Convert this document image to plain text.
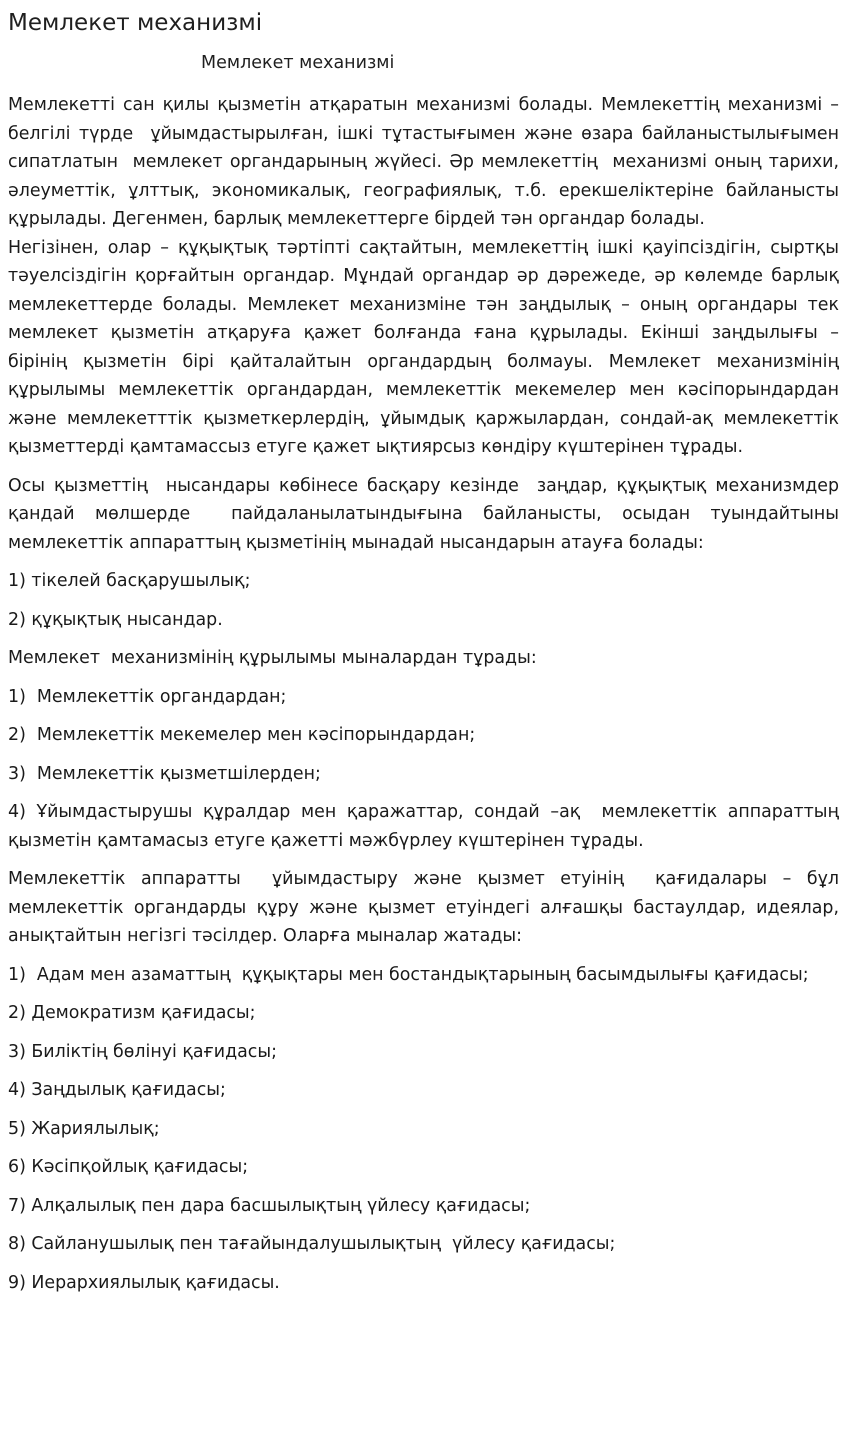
Мемлекет механизмі
Мемлекет механизмі

Мемлекетті сан қилы қызметін атқаратын механизмі болады. Мемлекеттің механизмі – белгілі түрде  ұйымдастырылған, ішкі тұтастығымен және өзара байланыстылығымен сипатлатын  мемлекет органдарының жүйесі. Әр мемлекеттің  механизмі оның тарихи, әлеуметтік, ұлттық, экономикалық, географиялық, т.б. ерекшеліктеріне байланысты құрылады. Дегенмен, барлық мемлекеттерге бірдей тән органдар болады.

Негізінен, олар – құқықтық тәртіпті сақтайтын, мемлекеттің ішкі қауіпсіздігін, сыртқы тәуелсіздігін қорғайтын органдар. Мұндай органдар әр дәрежеде, әр көлемде барлық мемлекеттерде болады. Мемлекет механизміне тән заңдылық – оның органдары тек мемлекет қызметін атқаруға қажет болғанда ғана құрылады. Екінші заңдылығы – бірінің қызметін бірі қайталайтын органдардың болмауы. Мемлекет механизмінің құрылымы мемлекеттік органдардан, мемлекеттік мекемелер мен кәсіпорындардан және мемлекетттік қызметкерлердің, ұйымдық қаржылардан, сондай-ақ мемлекеттік қызметтерді қамтамассыз етуге қажет ықтиярсыз көндіру күштерінен тұрады.

Осы қызметтің  нысандары көбінесе басқару кезінде  заңдар, құқықтық механизмдер қандай мөлшерде  пайдаланылатындығына байланысты, осыдан туындайтыны мемлекеттік аппараттың қызметінің мынадай нысандарын атауға болады:

1) тікелей басқарушылық;

2) құқықтық нысандар.

Мемлекет  механизмінің құрылымы мыналардан тұрады:

1)  Мемлекеттік органдардан;

2)  Мемлекеттік мекемелер мен кәсіпорындардан;

3)  Мемлекеттік қызметшілерден;

4) Ұйымдастырушы құралдар мен қаражаттар, сондай –ақ  мемлекеттік аппараттың қызметін қамтамасыз етуге қажетті мәжбүрлеу күштерінен тұрады.

Мемлекеттік аппаратты  ұйымдастыру және қызмет етуінің  қағидалары – бұл мемлекеттік органдарды құру және қызмет етуіндегі алғашқы бастаулдар, идеялар, анықтайтын негізгі тәсілдер. Оларға мыналар жатады:

1)  Адам мен азаматтың  құқықтары мен бостандықтарының басымдылығы қағидасы;

2) Демократизм қағидасы;

3) Биліктің бөлінуі қағидасы;

4) Заңдылық қағидасы;

5) Жариялылық;

6) Кәсіпқойлық қағидасы;

7) Алқалылық пен дара басшылықтың үйлесу қағидасы;

8) Сайланушылық пен тағайындалушылықтың  үйлесу қағидасы;

9) Иерархиялылық қағидасы.
